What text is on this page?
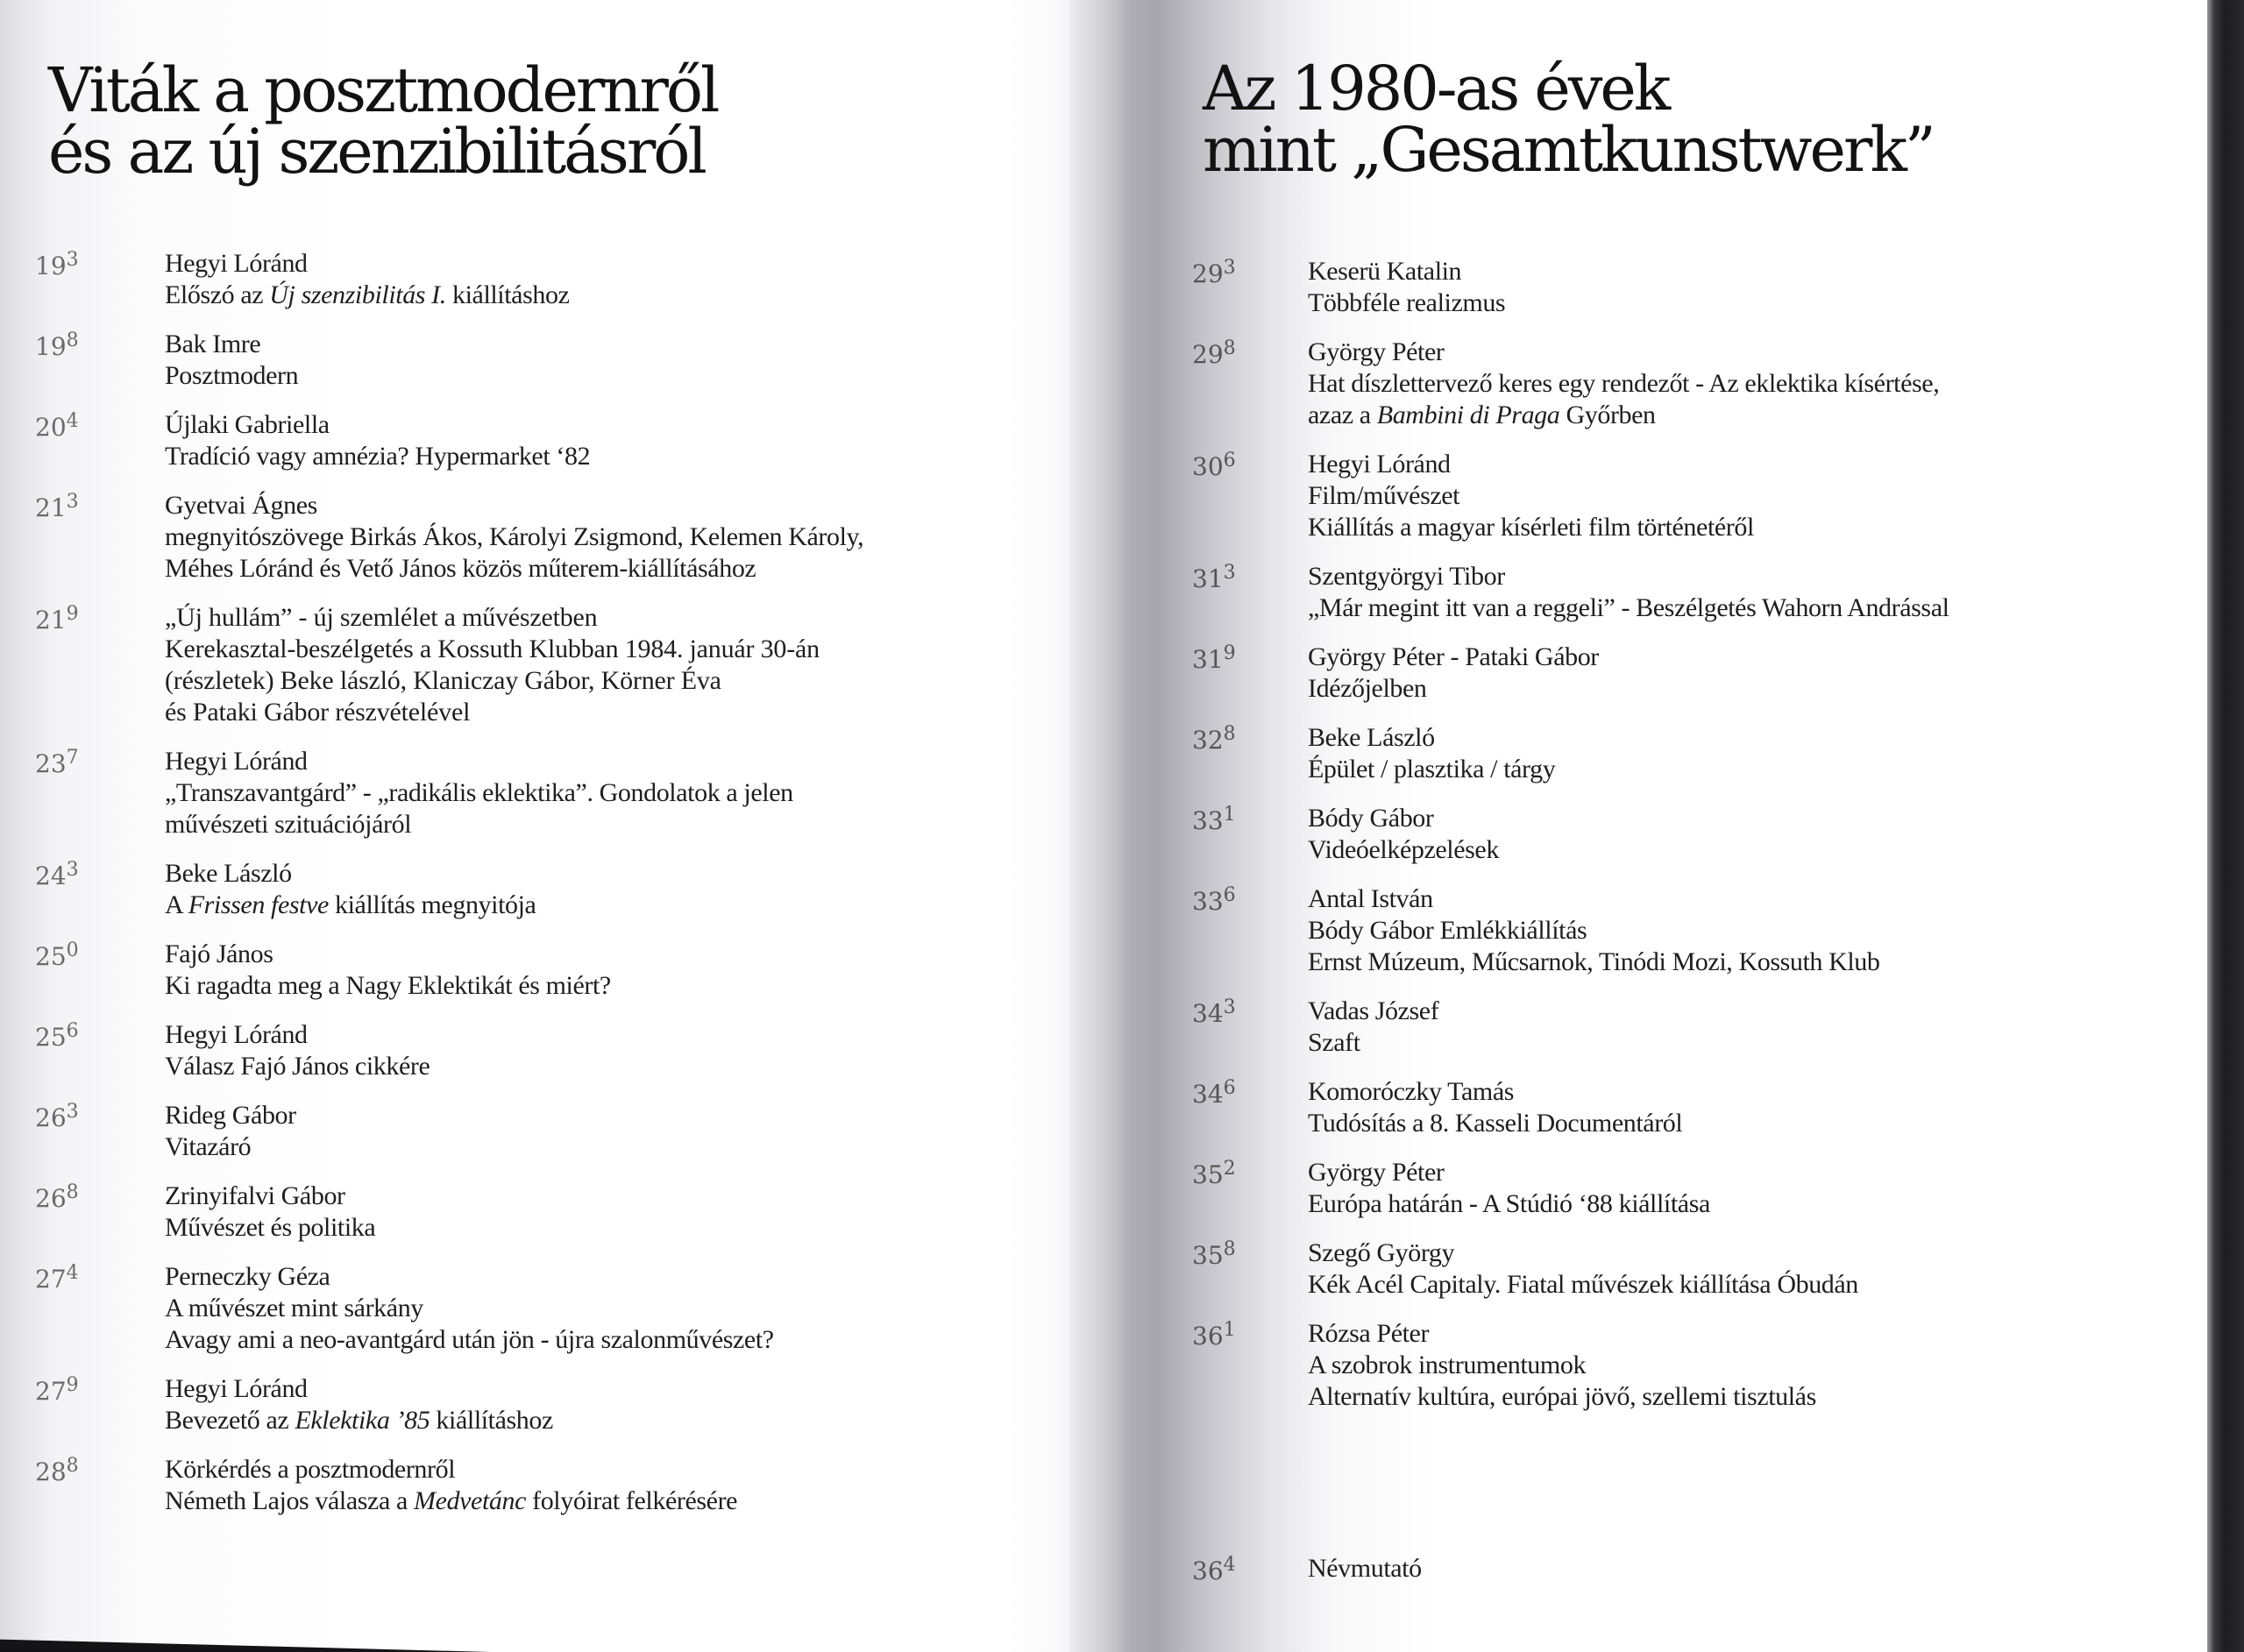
Viták a posztmodernről
és az új szenzibilitásról
$19^3$	Hegyi Lóránd
Előszó az Új szenzibilitás I. kiállításhoz
$19^8$	Bak Imre
Posztmodern
$20^4$	Újlaki Gabriella
Tradíció vagy amnézia? Hypermarket ‘82
$21^3$	Gyetvai Ágnes
megnyitószövege Birkás Ákos, Károlyi Zsigmond, Kelemen Károly,
Méhes Lóránd és Vető János közös műterem-kiállításához
$21^9$	„Új hullám” - új szemlélet a művészetben
Kerekasztal-beszélgetés a Kossuth Klubban 1984. január 30-án
(részletek) Beke lászló, Klaniczay Gábor, Körner Éva
és Pataki Gábor részvételével
$23^7$	Hegyi Lóránd
„Transzavantgárd” - „radikális eklektika”. Gondolatok a jelen
művészeti szituációjáról
$24^3$	Beke László
A Frissen festve kiállítás megnyitója
$25^0$	Fajó János
Ki ragadta meg a Nagy Eklektikát és miért?
$25^6$	Hegyi Lóránd
Válasz Fajó János cikkére
$26^3$	Rideg Gábor
Vitazáró
$26^8$	Zrinyifalvi Gábor
Művészet és politika
$27^4$	Perneczky Géza
A művészet mint sárkány
Avagy ami a neo-avantgárd után jön - újra szalonművészet?
$27^9$	Hegyi Lóránd
Bevezető az Eklektika ’85 kiállításhoz
$28^8$	Körkérdés a posztmodernről
Németh Lajos válasza a Medvetánc folyóirat felkérésére
Az 1980-as évek
mint „Gesamtkunstwerk”
$29^3$	Keserü Katalin
Többféle realizmus
$29^8$	György Péter
Hat díszlettervező keres egy rendezőt - Az eklektika kísértése,
azaz a Bambini di Praga Győrben
$30^6$	Hegyi Lóránd
Film/művészet
Kiállítás a magyar kísérleti film történetéről
$31^3$	Szentgyörgyi Tibor
„Már megint itt van a reggeli” - Beszélgetés Wahorn Andrással
$31^9$	György Péter - Pataki Gábor
Idézőjelben
$32^8$	Beke László
Épület / plasztika / tárgy
$33^1$	Bódy Gábor
Videóelképzelések
$33^6$	Antal István
Bódy Gábor Emlékkiállítás
Ernst Múzeum, Műcsarnok, Tinódi Mozi, Kossuth Klub
$34^3$	Vadas József
Szaft
$34^6$	Komoróczky Tamás
Tudósítás a 8. Kasseli Documentáról
$35^2$	György Péter
Európa határán - A Stúdió ‘88 kiállítása
$35^8$	Szegő György
Kék Acél Capitaly. Fiatal művészek kiállítása Óbudán
$36^1$	Rózsa Péter
A szobrok instrumentumok
Alternatív kultúra, európai jövő, szellemi tisztulás
$36^4$	Névmutató
